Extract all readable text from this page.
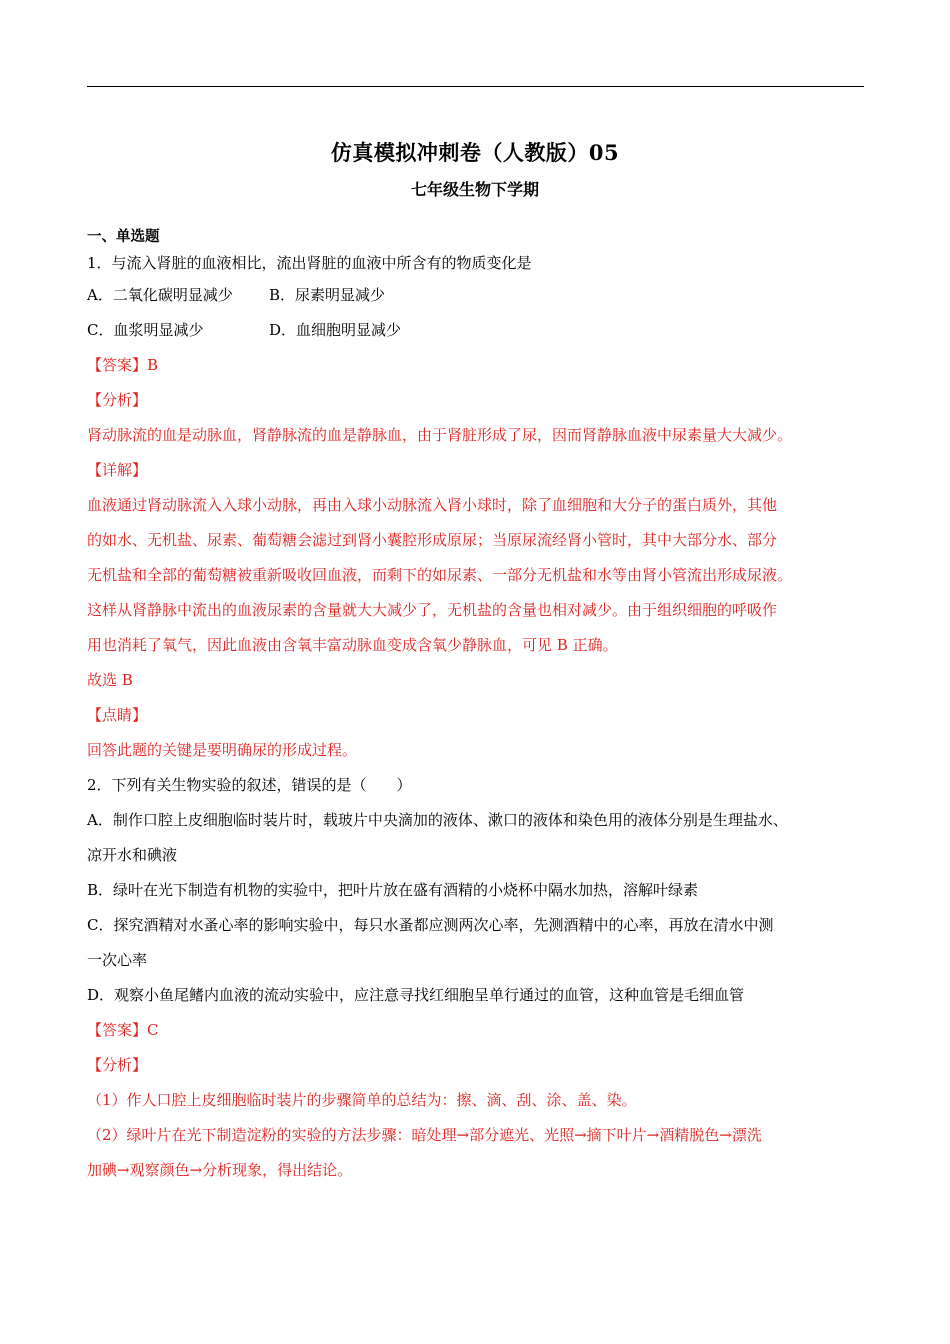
仿真模拟冲刺卷（人教版）05
七年级生物下学期
一、单选题
1．与流入肾脏的血液相比，流出肾脏的血液中所含有的物质变化是
A．二氧化碳明显减少 B．尿素明显减少
C．血浆明显减少	D．血细胞明显减少
【答案】B
【分析】
肾动脉流的血是动脉血，肾静脉流的血是静脉血，由于肾脏形成了尿，因而肾静脉血液中尿素量大大减少。
【详解】
血液通过肾动脉流入入球小动脉，再由入球小动脉流入肾小球时，除了血细胞和大分子的蛋白质外，其他
的如水、无机盐、尿素、葡萄糖会滤过到肾小囊腔形成原尿；当原尿流经肾小管时，其中大部分水、部分
无机盐和全部的葡萄糖被重新吸收回血液，而剩下的如尿素、一部分无机盐和水等由肾小管流出形成尿液。
这样从肾静脉中流出的血液尿素的含量就大大减少了，无机盐的含量也相对减少。由于组织细胞的呼吸作
用也消耗了氧气，因此血液由含氧丰富动脉血变成含氧少静脉血，可见 B 正确。
故选 B
【点睛】
回答此题的关键是要明确尿的形成过程。
2．下列有关生物实验的叙述，错误的是（　　）
A．制作口腔上皮细胞临时装片时，载玻片中央滴加的液体、漱口的液体和染色用的液体分别是生理盐水、
凉开水和碘液
B．绿叶在光下制造有机物的实验中，把叶片放在盛有酒精的小烧杯中隔水加热，溶解叶绿素
C．探究酒精对水蚤心率的影响实验中，每只水蚤都应测两次心率，先测酒精中的心率，再放在清水中测
一次心率
D．观察小鱼尾鳍内血液的流动实验中，应注意寻找红细胞呈单行通过的血管，这种血管是毛细血管
【答案】C
【分析】
（1）作人口腔上皮细胞临时装片的步骤简单的总结为：擦、滴、刮、涂、盖、染。
（2）绿叶片在光下制造淀粉的实验的方法步骤：暗处理→部分遮光、光照→摘下叶片→酒精脱色→漂洗
加碘→观察颜色→分析现象，得出结论。
